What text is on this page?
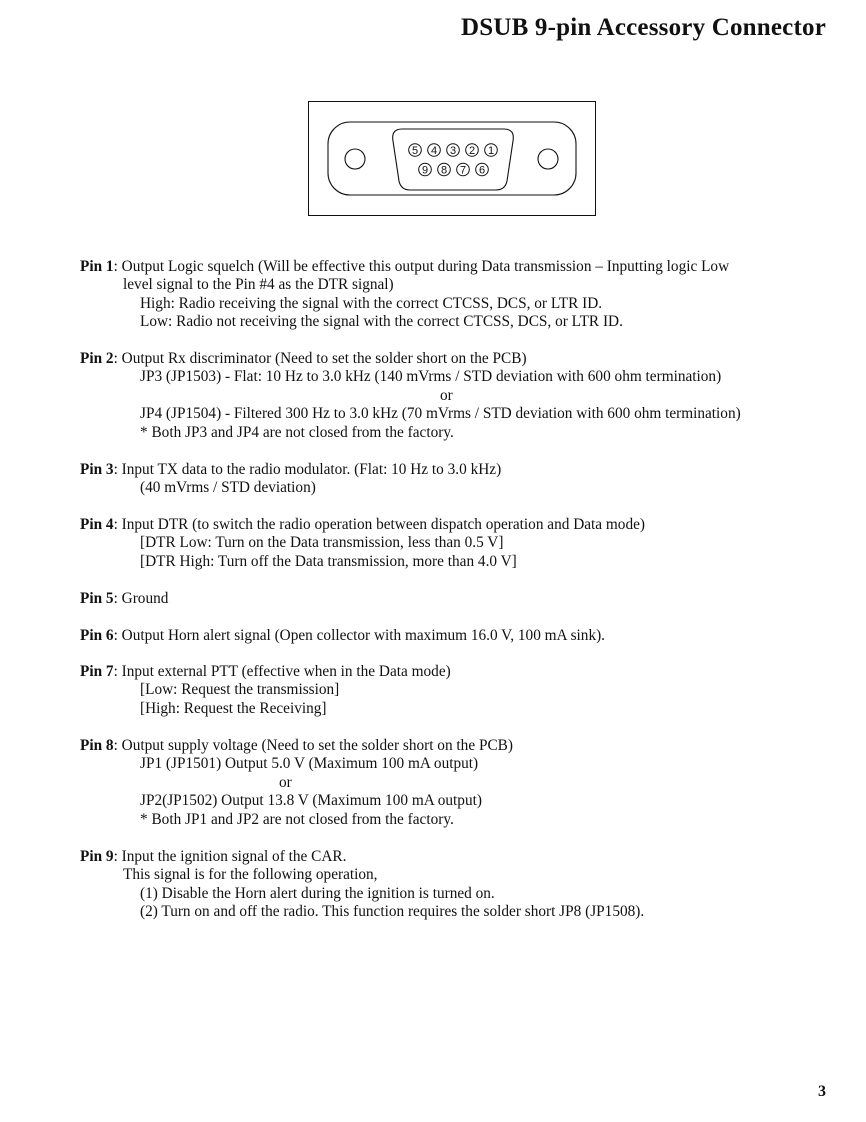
DSUB 9-pin Accessory Connector
5 4 3 2 1
9 8 7 6
Pin 1: Output Logic squelch (Will be effective this output during Data transmission – Inputting logic Low
level signal to the Pin #4 as the DTR signal)
High: Radio receiving the signal with the correct CTCSS, DCS, or LTR ID.
Low: Radio not receiving the signal with the correct CTCSS, DCS, or LTR ID.
Pin 2: Output Rx discriminator (Need to set the solder short on the PCB)
JP3 (JP1503) - Flat: 10 Hz to 3.0 kHz (140 mVrms / STD deviation with 600 ohm termination)
or
JP4 (JP1504) - Filtered 300 Hz to 3.0 kHz (70 mVrms / STD deviation with 600 ohm termination)
* Both JP3 and JP4 are not closed from the factory.
Pin 3: Input TX data to the radio modulator. (Flat: 10 Hz to 3.0 kHz)
(40 mVrms / STD deviation)
Pin 4: Input DTR (to switch the radio operation between dispatch operation and Data mode)
[DTR Low: Turn on the Data transmission, less than 0.5 V]
[DTR High: Turn off the Data transmission, more than 4.0 V]
Pin 5: Ground
Pin 6: Output Horn alert signal (Open collector with maximum 16.0 V, 100 mA sink).
Pin 7: Input external PTT (effective when in the Data mode)
[Low: Request the transmission]
[High: Request the Receiving]
Pin 8: Output supply voltage (Need to set the solder short on the PCB)
JP1 (JP1501) Output 5.0 V (Maximum 100 mA output)
or
JP2(JP1502) Output 13.8 V (Maximum 100 mA output)
* Both JP1 and JP2 are not closed from the factory.
Pin 9: Input the ignition signal of the CAR.
This signal is for the following operation,
(1) Disable the Horn alert during the ignition is turned on.
(2) Turn on and off the radio. This function requires the solder short JP8 (JP1508).
3
